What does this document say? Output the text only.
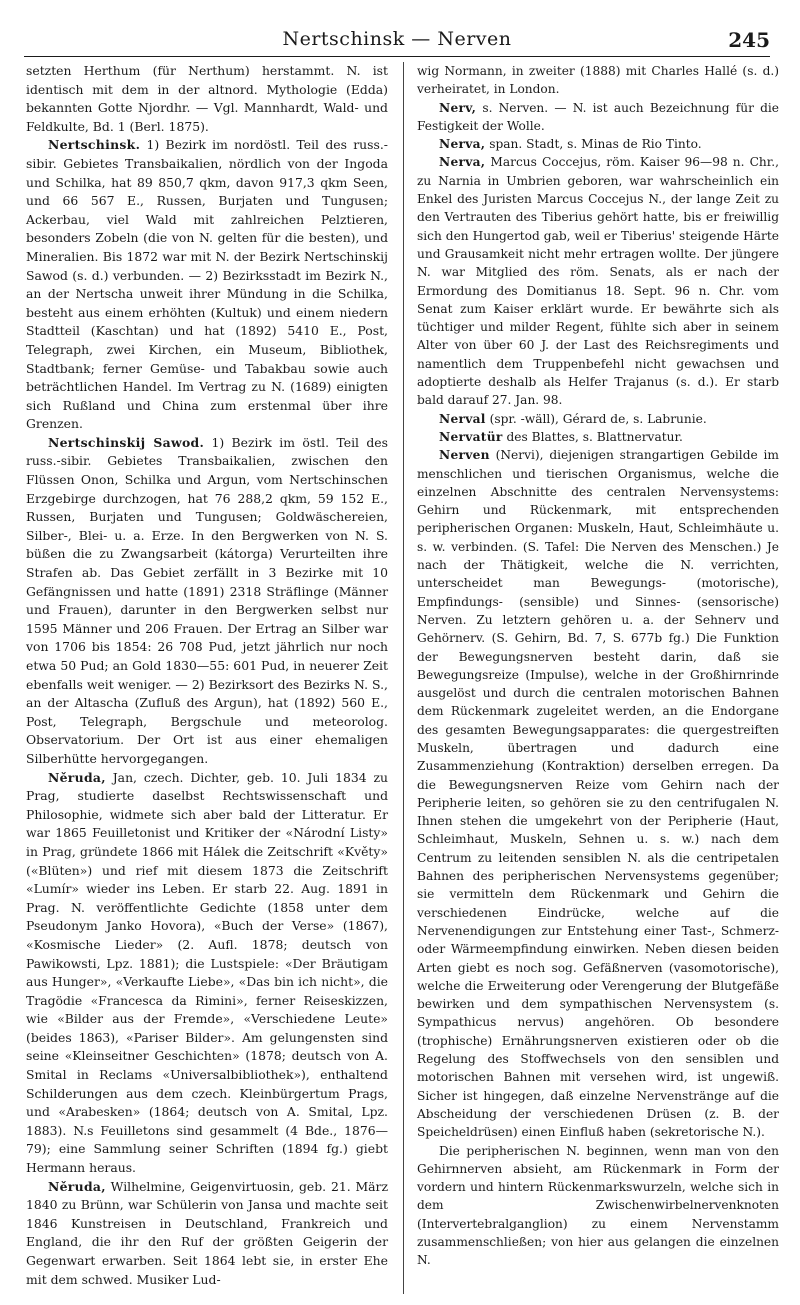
Nertschinsk — Nerven	245

setzten Herthum (für Nerthum) herstammt. N. ist identisch mit dem in der altnord. Mythologie (Edda) bekannten Gotte Njordhr. — Vgl. Mannhardt, Wald- und Feldkulte, Bd. 1 (Berl. 1875).

Nertschinsk. 1) Bezirk im nordöstl. Teil des russ.-sibir. Gebietes Transbaikalien, nördlich von der Ingoda und Schilka, hat 89 850,7 qkm, davon 917,3 qkm Seen, und 66 567 E., Russen, Burjaten und Tungusen; Ackerbau, viel Wald mit zahlreichen Pelztieren, besonders Zobeln (die von N. gelten für die besten), und Mineralien. Bis 1872 war mit N. der Bezirk Nertschinskij Sawod (s. d.) verbunden. — 2) Bezirksstadt im Bezirk N., an der Nertscha unweit ihrer Mündung in die Schilka, besteht aus einem erhöhten (Kultuk) und einem niedern Stadtteil (Kaschtan) und hat (1892) 5410 E., Post, Telegraph, zwei Kirchen, ein Museum, Bibliothek, Stadtbank; ferner Gemüse- und Tabakbau sowie auch beträchtlichen Handel. Im Vertrag zu N. (1689) einigten sich Rußland und China zum erstenmal über ihre Grenzen.

Nertschinskij Sawod. 1) Bezirk im östl. Teil des russ.-sibir. Gebietes Transbaikalien, zwischen den Flüssen Onon, Schilka und Argun, vom Nertschinschen Erzgebirge durchzogen, hat 76 288,2 qkm, 59 152 E., Russen, Burjaten und Tungusen; Goldwäschereien, Silber-, Blei- u. a. Erze. In den Bergwerken von N. S. büßen die zu Zwangsarbeit (kátorga) Verurteilten ihre Strafen ab. Das Gebiet zerfällt in 3 Bezirke mit 10 Gefängnissen und hatte (1891) 2318 Sträflinge (Männer und Frauen), darunter in den Bergwerken selbst nur 1595 Männer und 206 Frauen. Der Ertrag an Silber war von 1706 bis 1854: 26 708 Pud, jetzt jährlich nur noch etwa 50 Pud; an Gold 1830—55: 601 Pud, in neuerer Zeit ebenfalls weit weniger. — 2) Bezirksort des Bezirks N. S., an der Altascha (Zufluß des Argun), hat (1892) 560 E., Post, Telegraph, Bergschule und meteorolog. Observatorium. Der Ort ist aus einer ehemaligen Silberhütte hervorgegangen.

Něruda, Jan, czech. Dichter, geb. 10. Juli 1834 zu Prag, studierte daselbst Rechtswissenschaft und Philosophie, widmete sich aber bald der Litteratur. Er war 1865 Feuilletonist und Kritiker der «Národní Listy» in Prag, gründete 1866 mit Hálek die Zeitschrift «Květy» («Blüten») und rief mit diesem 1873 die Zeitschrift «Lumír» wieder ins Leben. Er starb 22. Aug. 1891 in Prag. N. veröffentlichte Gedichte (1858 unter dem Pseudonym Janko Hovora), «Buch der Verse» (1867), «Kosmische Lieder» (2. Aufl. 1878; deutsch von Pawikowsti, Lpz. 1881); die Lustspiele: «Der Bräutigam aus Hunger», «Verkaufte Liebe», «Das bin ich nicht», die Tragödie «Francesca da Rimini», ferner Reiseskizzen, wie «Bilder aus der Fremde», «Verschiedene Leute» (beides 1863), «Pariser Bilder». Am gelungensten sind seine «Kleinseitner Geschichten» (1878; deutsch von A. Smital in Reclams «Universalbibliothek»), enthaltend Schilderungen aus dem czech. Kleinbürgertum Prags, und «Arabesken» (1864; deutsch von A. Smital, Lpz. 1883). N.s Feuilletons sind gesammelt (4 Bde., 1876—79); eine Sammlung seiner Schriften (1894 fg.) giebt Hermann heraus.

Něruda, Wilhelmine, Geigenvirtuosin, geb. 21. März 1840 zu Brünn, war Schülerin von Jansa und machte seit 1846 Kunstreisen in Deutschland, Frankreich und England, die ihr den Ruf der größten Geigerin der Gegenwart erwarben. Seit 1864 lebt sie, in erster Ehe mit dem schwed. Musiker Lud-

wig Normann, in zweiter (1888) mit Charles Hallé (s. d.) verheiratet, in London.

Nerv, s. Nerven. — N. ist auch Bezeichnung für die Festigkeit der Wolle.

Nerva, span. Stadt, s. Minas de Rio Tinto.

Nerva, Marcus Coccejus, röm. Kaiser 96—98 n. Chr., zu Narnia in Umbrien geboren, war wahrscheinlich ein Enkel des Juristen Marcus Coccejus N., der lange Zeit zu den Vertrauten des Tiberius gehört hatte, bis er freiwillig sich den Hungertod gab, weil er Tiberius' steigende Härte und Grausamkeit nicht mehr ertragen wollte. Der jüngere N. war Mitglied des röm. Senats, als er nach der Ermordung des Domitianus 18. Sept. 96 n. Chr. vom Senat zum Kaiser erklärt wurde. Er bewährte sich als tüchtiger und milder Regent, fühlte sich aber in seinem Alter von über 60 J. der Last des Reichsregiments und namentlich dem Truppenbefehl nicht gewachsen und adoptierte deshalb als Helfer Trajanus (s. d.). Er starb bald darauf 27. Jan. 98.

Nerval (spr. -wäll), Gérard de, s. Labrunie.

Nervatür des Blattes, s. Blattnervatur.

Nerven (Nervi), diejenigen strangartigen Gebilde im menschlichen und tierischen Organismus, welche die einzelnen Abschnitte des centralen Nervensystems: Gehirn und Rückenmark, mit entsprechenden peripherischen Organen: Muskeln, Haut, Schleimhäute u. s. w. verbinden. (S. Tafel: Die Nerven des Menschen.) Je nach der Thätigkeit, welche die N. verrichten, unterscheidet man Bewegungs- (motorische), Empfindungs- (sensible) und Sinnes- (sensorische) Nerven. Zu letztern gehören u. a. der Sehnerv und Gehörnerv. (S. Gehirn, Bd. 7, S. 677b fg.) Die Funktion der Bewegungsnerven besteht darin, daß sie Bewegungsreize (Impulse), welche in der Großhirnrinde ausgelöst und durch die centralen motorischen Bahnen dem Rückenmark zugeleitet werden, an die Endorgane des gesamten Bewegungsapparates: die quergestreiften Muskeln, übertragen und dadurch eine Zusammenziehung (Kontraktion) derselben erregen. Da die Bewegungsnerven Reize vom Gehirn nach der Peripherie leiten, so gehören sie zu den centrifugalen N. Ihnen stehen die umgekehrt von der Peripherie (Haut, Schleimhaut, Muskeln, Sehnen u. s. w.) nach dem Centrum zu leitenden sensiblen N. als die centripetalen Bahnen des peripherischen Nervensystems gegenüber; sie vermitteln dem Rückenmark und Gehirn die verschiedenen Eindrücke, welche auf die Nervenendigungen zur Entstehung einer Tast-, Schmerz- oder Wärmeempfindung einwirken. Neben diesen beiden Arten giebt es noch sog. Gefäßnerven (vasomotorische), welche die Erweiterung oder Verengerung der Blutgefäße bewirken und dem sympathischen Nervensystem (s. Sympathicus nervus) angehören. Ob besondere (trophische) Ernährungsnerven existieren oder ob die Regelung des Stoffwechsels von den sensiblen und motorischen Bahnen mit versehen wird, ist ungewiß. Sicher ist hingegen, daß einzelne Nervenstränge auf die Abscheidung der verschiedenen Drüsen (z. B. der Speicheldrüsen) einen Einfluß haben (sekretorische N.).

Die peripherischen N. beginnen, wenn man von den Gehirnnerven absieht, am Rückenmark in Form der vordern und hintern Rückenmarkswurzeln, welche sich in dem Zwischenwirbelnervenknoten (Intervertebralganglion) zu einem Nervenstamm zusammenschließen; von hier aus gelangen die einzelnen N.
